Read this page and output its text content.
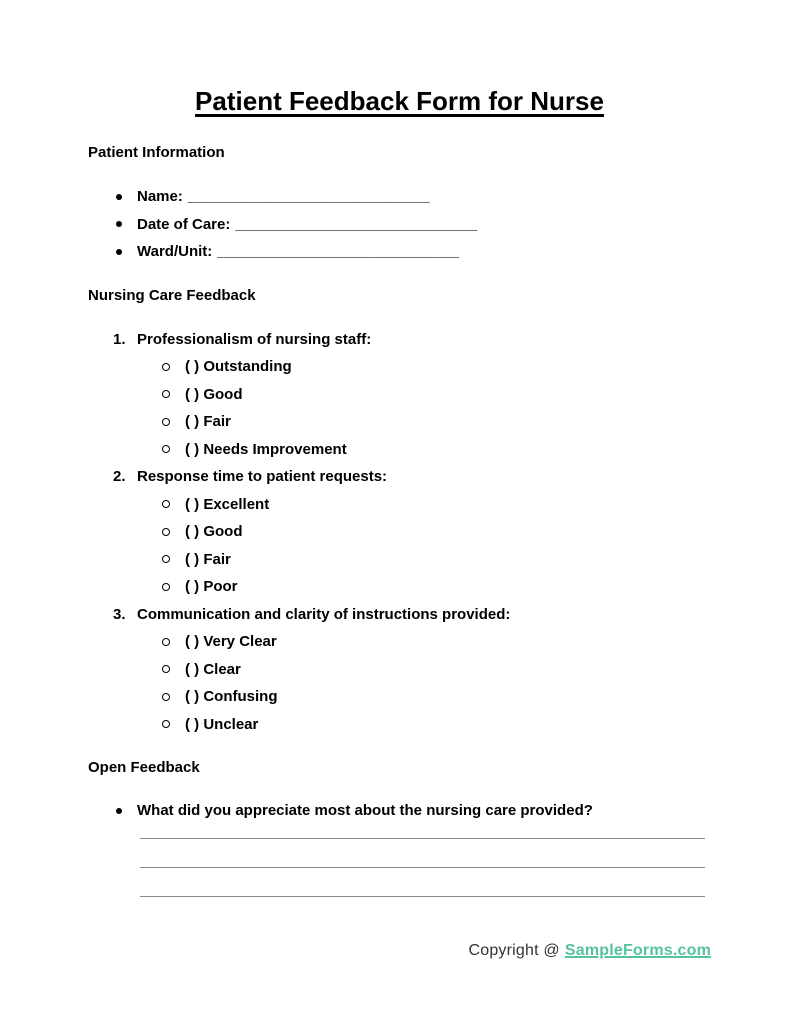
Patient Feedback Form for Nurse
Patient Information
Name: ____________________________
Date of Care: ____________________________
Ward/Unit: ____________________________
Nursing Care Feedback
1. Professionalism of nursing staff:
( ) Outstanding
( ) Good
( ) Fair
( ) Needs Improvement
2. Response time to patient requests:
( ) Excellent
( ) Good
( ) Fair
( ) Poor
3. Communication and clarity of instructions provided:
( ) Very Clear
( ) Clear
( ) Confusing
( ) Unclear
Open Feedback
What did you appreciate most about the nursing care provided?
Copyright @ SampleForms.com
